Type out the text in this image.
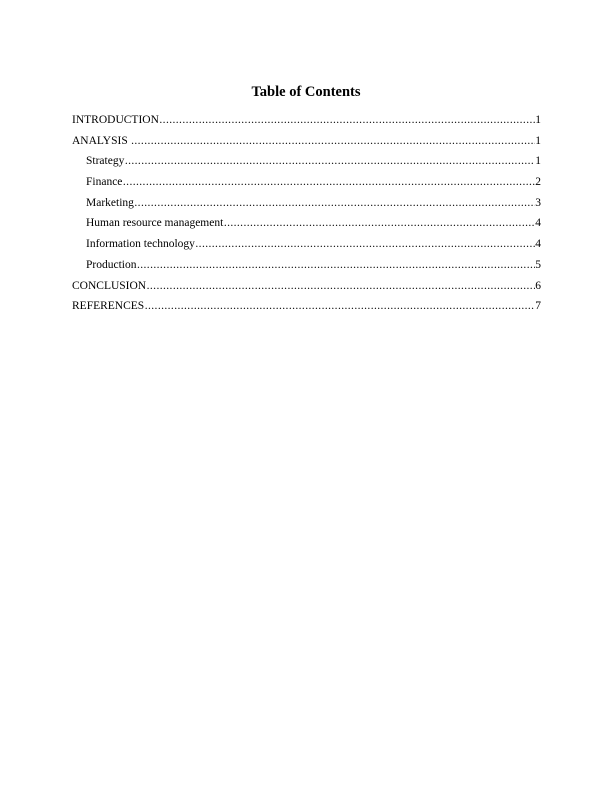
Table of Contents
INTRODUCTION .....	1
ANALYSIS .....	1
Strategy .....	1
Finance .....	2
Marketing .....	3
Human resource management .....	4
Information technology .....	4
Production .....	5
CONCLUSION .....	6
REFERENCES .....	7
